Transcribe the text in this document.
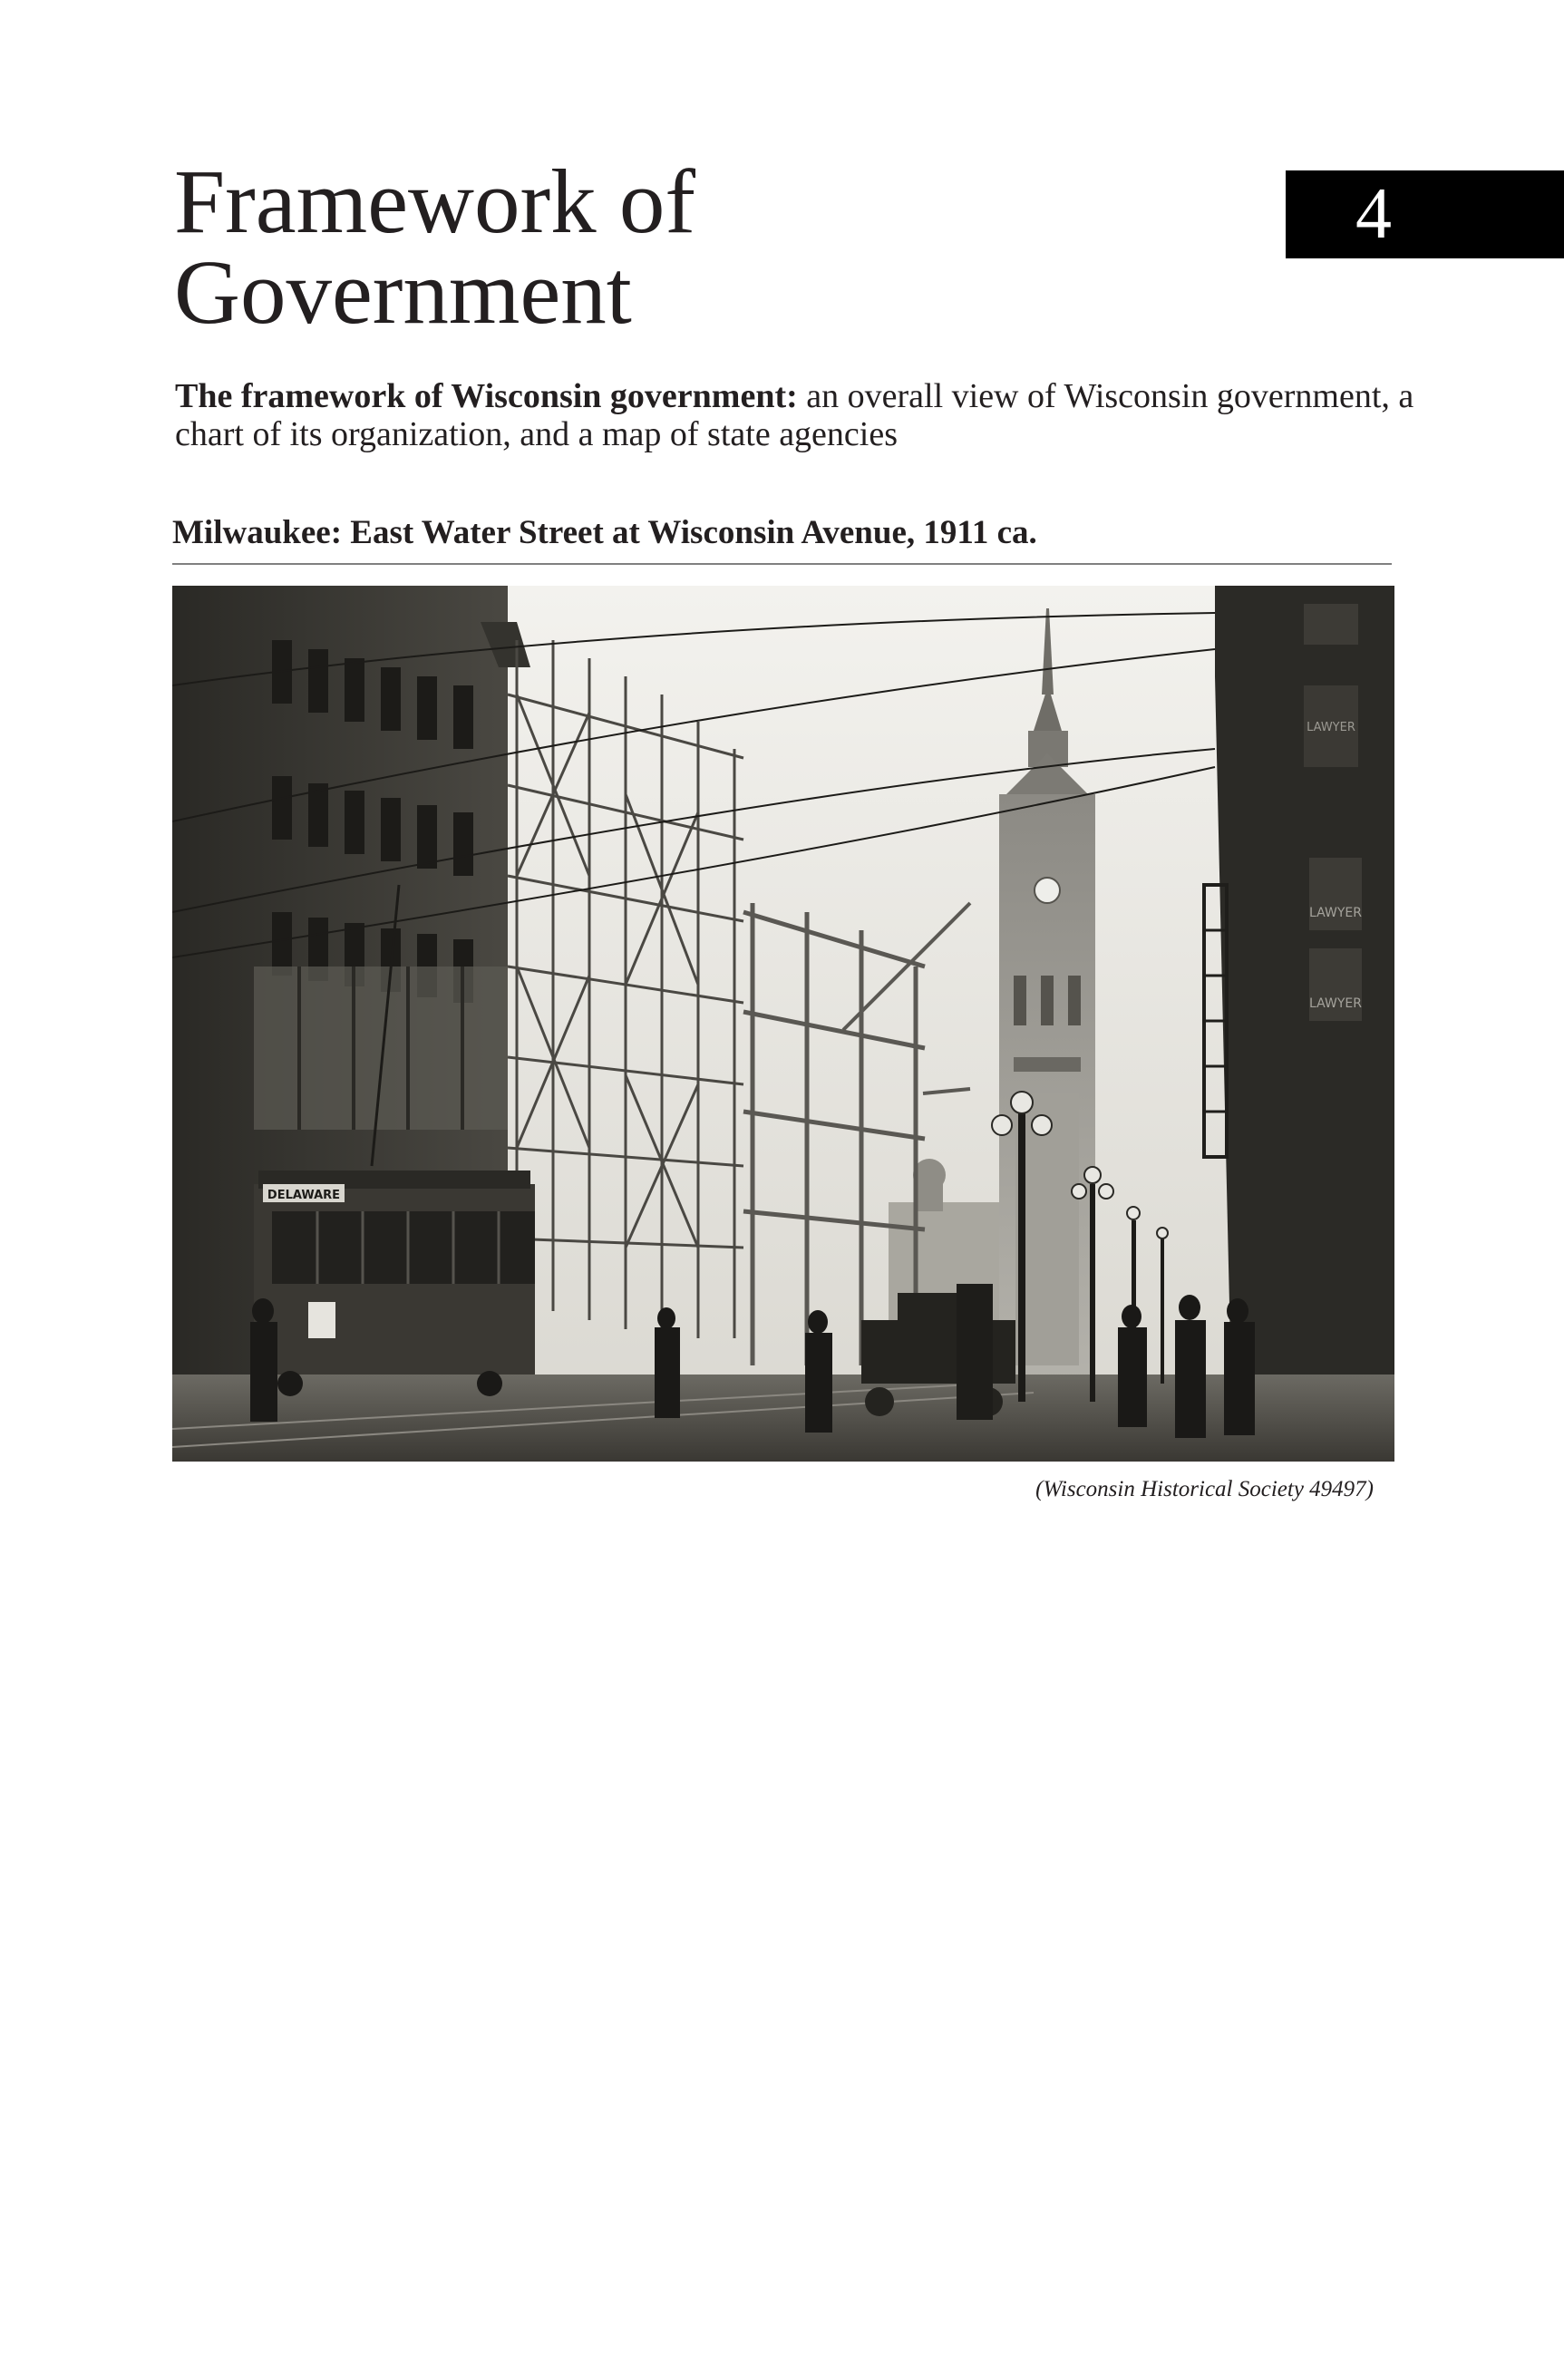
Framework of
Government
4

The framework of Wisconsin government: an overall view of Wisconsin government, a chart of its organization, and a map of state agencies

Milwaukee: East Water Street at Wisconsin Avenue, 1911 ca.
LAWYER
LAWYER
LAWYER
DELAWARE
(Wisconsin Historical Society 49497)
